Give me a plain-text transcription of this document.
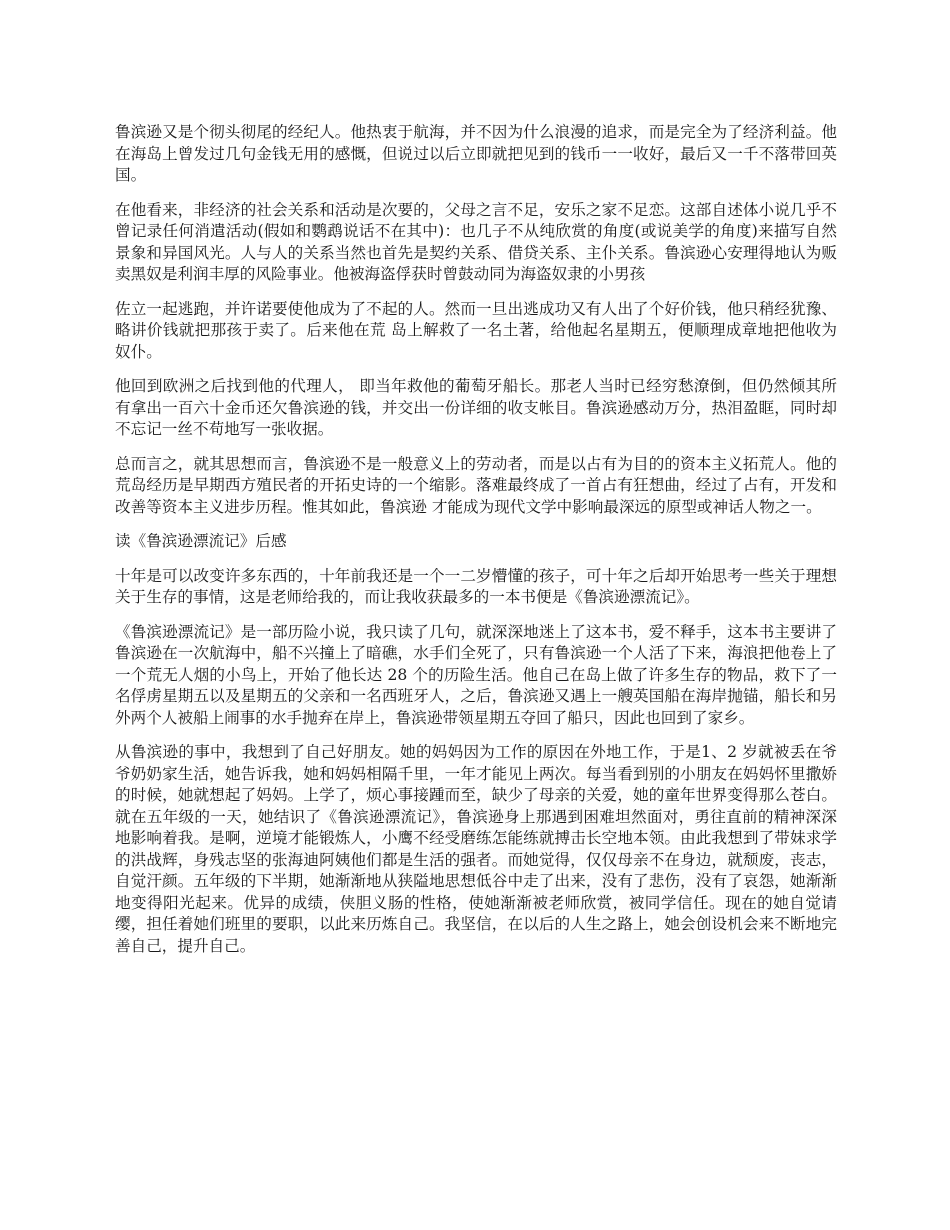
鲁滨逊又是个彻头彻尾的经纪人。他热衷于航海，并不因为什么浪漫的追求，而是完全为了经济利益。他在海岛上曾发过几句金钱无用的感慨，但说过以后立即就把见到的钱币一一收好，最后又一千不落带回英国。

在他看来，非经济的社会关系和活动是次要的，父母之言不足，安乐之家不足恋。这部自述体小说几乎不曾记录任何消遣活动(假如和鹦鹉说话不在其中)：也几子不从纯欣赏的角度(或说美学的角度)来描写自然景象和异国风光。人与人的关系当然也首先是契约关系、借贷关系、主仆关系。鲁滨逊心安理得地认为贩卖黑奴是利润丰厚的风险事业。他被海盗俘获时曾鼓动同为海盗奴隶的小男孩

佐立一起逃跑，并许诺要使他成为了不起的人。然而一旦出逃成功又有人出了个好价钱，他只稍经犹豫、略讲价钱就把那孩于卖了。后来他在荒 岛上解救了一名土著，给他起名星期五，便顺理成章地把他收为奴仆。

他回到欧洲之后找到他的代理人， 即当年救他的葡萄牙船长。那老人当时已经穷愁潦倒，但仍然倾其所有拿出一百六十金币还欠鲁滨逊的钱，并交出一份详细的收支帐目。鲁滨逊感动万分，热泪盈眶，同时却不忘记一丝不苟地写一张收据。

总而言之，就其思想而言，鲁滨逊不是一般意义上的劳动者，而是以占有为目的的资本主义拓荒人。他的荒岛经历是早期西方殖民者的开拓史诗的一个缩影。落难最终成了一首占有狂想曲，经过了占有，开发和改善等资本主义进步历程。惟其如此，鲁滨逊 才能成为现代文学中影响最深远的原型或神话人物之一。

读《鲁滨逊漂流记》后感

十年是可以改变许多东西的，十年前我还是一个一二岁懵懂的孩子，可十年之后却开始思考一些关于理想关于生存的事情，这是老师给我的，而让我收获最多的一本书便是《鲁滨逊漂流记》。

《鲁滨逊漂流记》是一部历险小说，我只读了几句，就深深地迷上了这本书，爱不释手，这本书主要讲了鲁滨逊在一次航海中，船不兴撞上了暗礁，水手们全死了，只有鲁滨逊一个人活了下来，海浪把他卷上了一个荒无人烟的小鸟上，开始了他长达 28 个的历险生活。他自己在岛上做了许多生存的物品，救下了一名俘虏星期五以及星期五的父亲和一名西班牙人，之后，鲁滨逊又遇上一艘英国船在海岸抛锚，船长和另外两个人被船上闹事的水手抛弃在岸上，鲁滨逊带领星期五夺回了船只，因此也回到了家乡。

从鲁滨逊的事中，我想到了自己好朋友。她的妈妈因为工作的原因在外地工作，于是1、2 岁就被丢在爷爷奶奶家生活，她告诉我，她和妈妈相隔千里，一年才能见上两次。每当看到别的小朋友在妈妈怀里撒娇的时候，她就想起了妈妈。上学了，烦心事接踵而至，缺少了母亲的关爱，她的童年世界变得那么苍白。就在五年级的一天，她结识了《鲁滨逊漂流记》，鲁滨逊身上那遇到困难坦然面对，勇往直前的精神深深地影响着我。是啊，逆境才能锻炼人，小鹰不经受磨练怎能练就搏击长空地本领。由此我想到了带妹求学的洪战辉，身残志坚的张海迪阿姨他们都是生活的强者。而她觉得，仅仅母亲不在身边，就颓废，丧志，自觉汗颜。五年级的下半期，她渐渐地从狭隘地思想低谷中走了出来，没有了悲伤，没有了哀怨，她渐渐地变得阳光起来。优异的成绩，侠胆义肠的性格，使她渐渐被老师欣赏，被同学信任。现在的她自觉请缨，担任着她们班里的要职，以此来历炼自己。我坚信，在以后的人生之路上，她会创设机会来不断地完善自己，提升自己。
